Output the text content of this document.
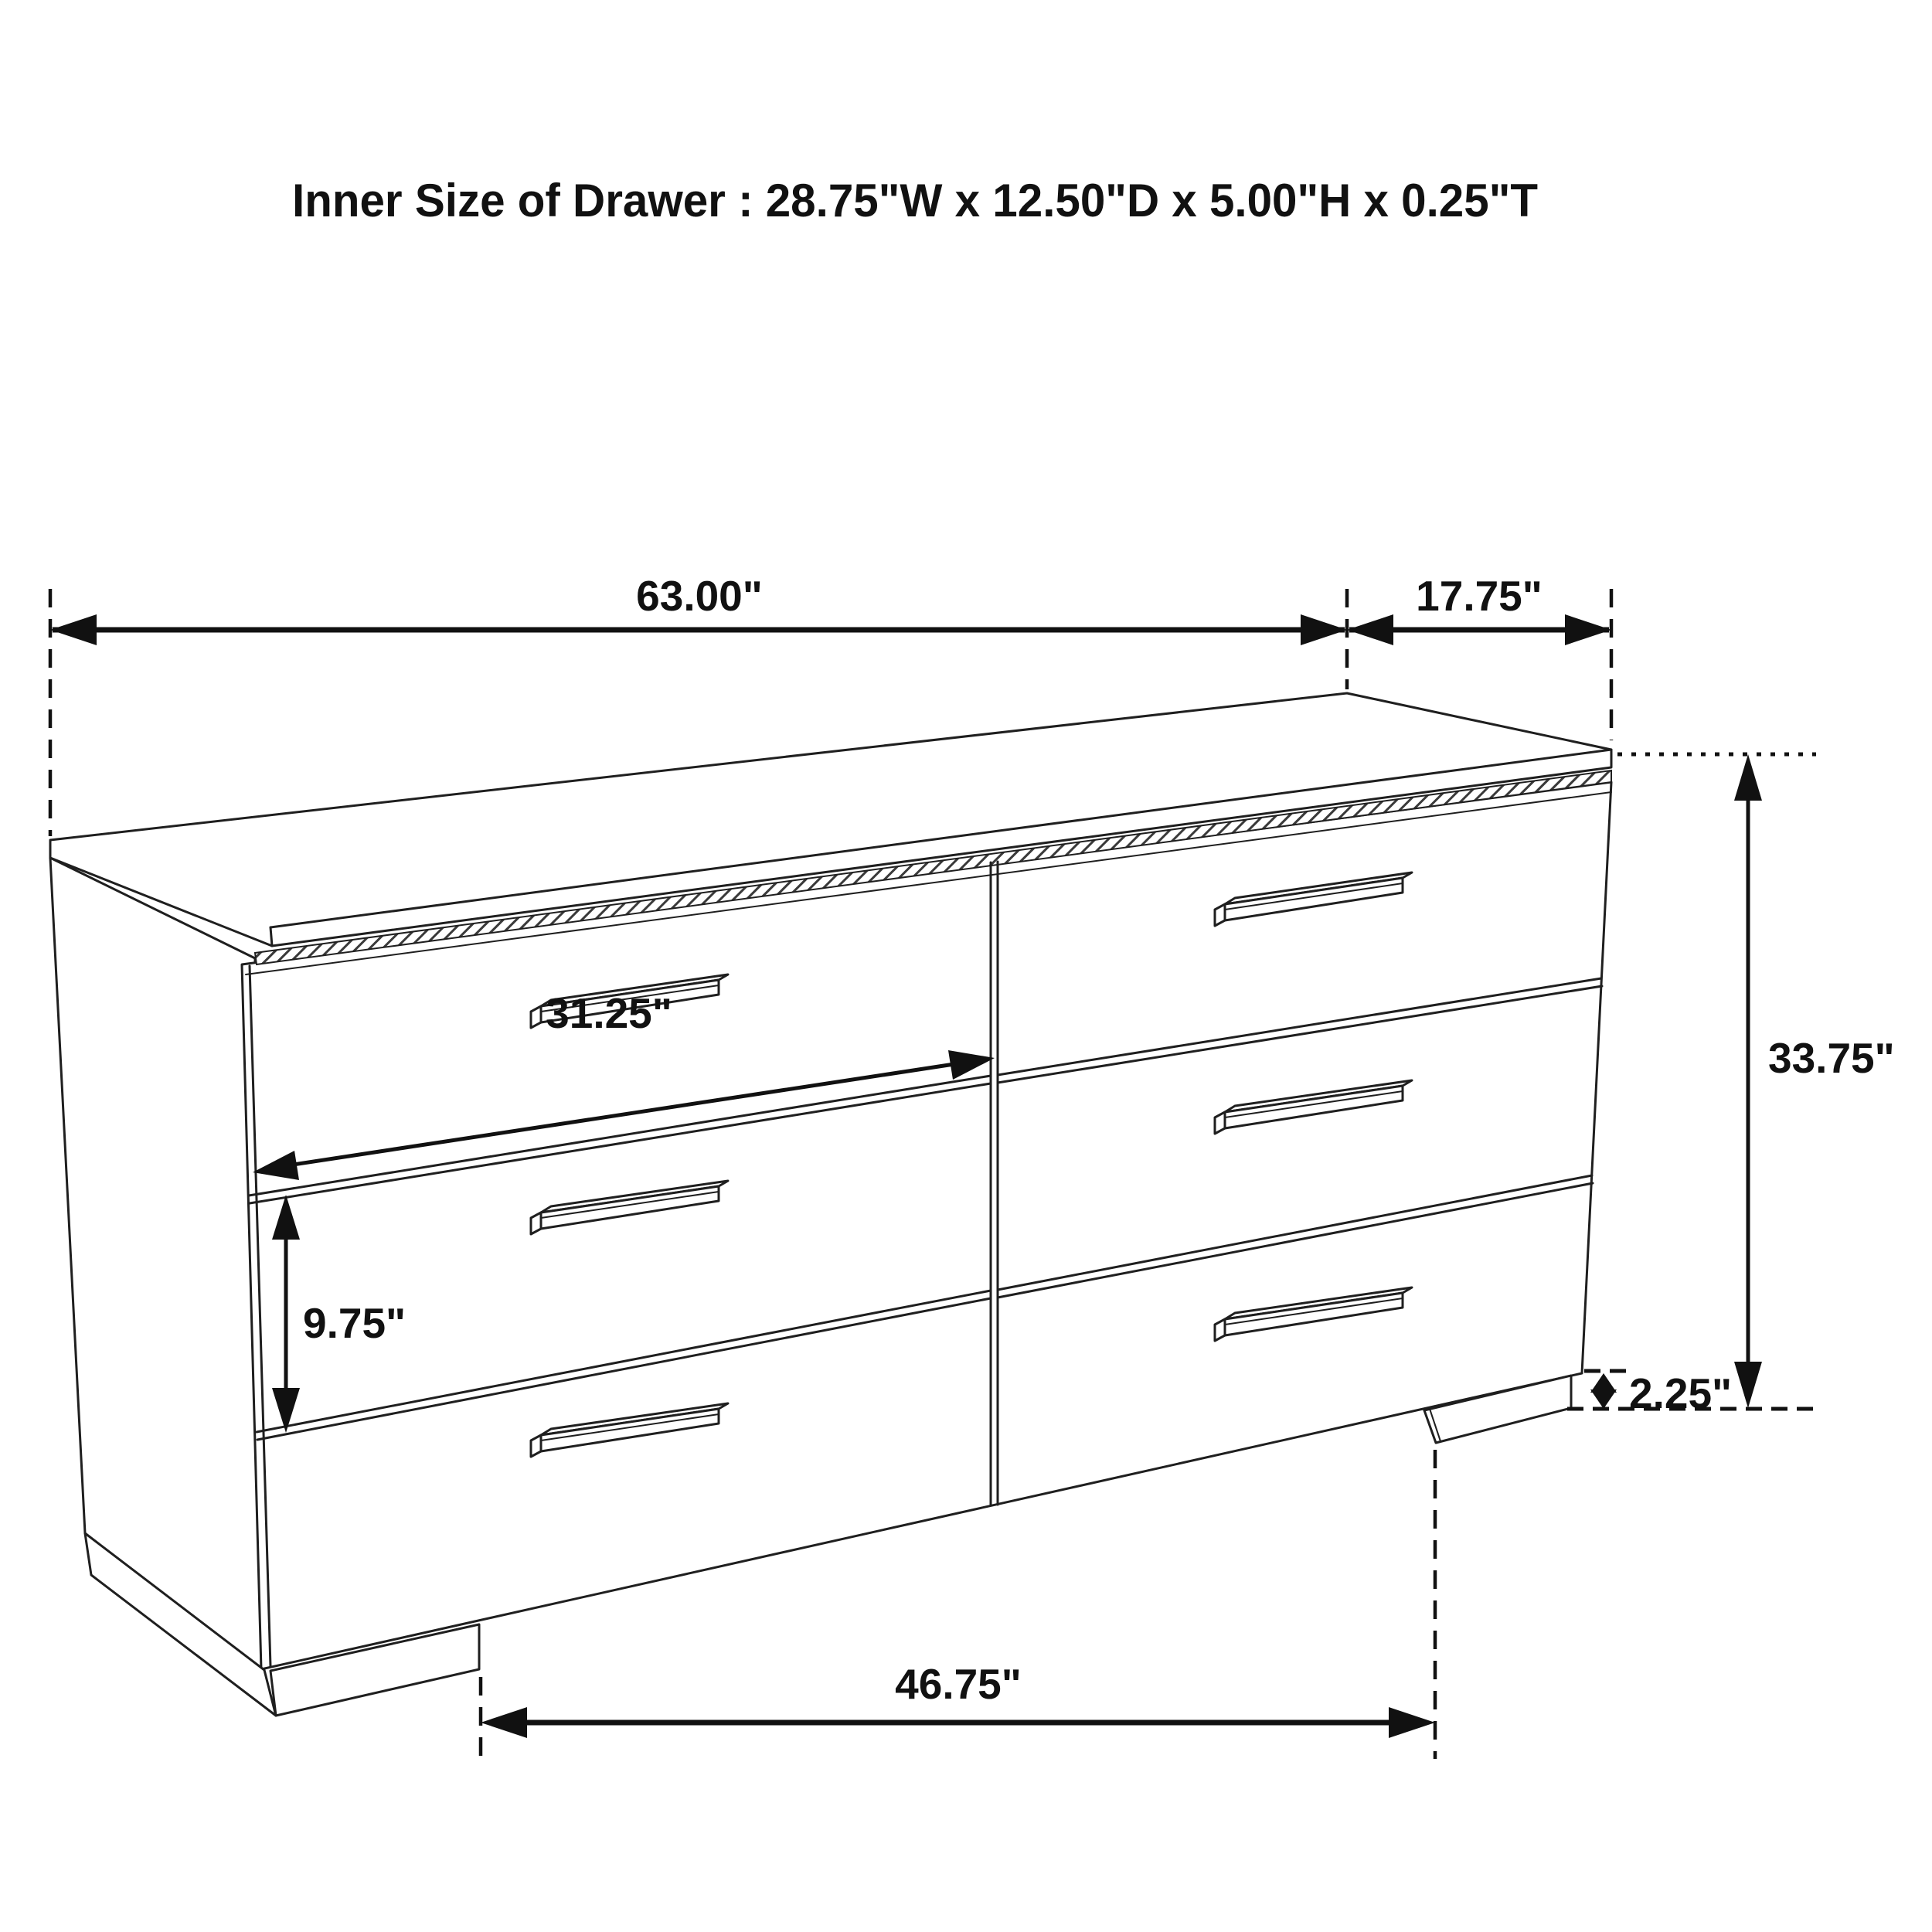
Inner Size of Drawer : 28.75"W x 12.50"D x 5.00"H x 0.25"T
63.00"	17.75"
33.75"
31.25"
9.75"
2.25"
46.75"
